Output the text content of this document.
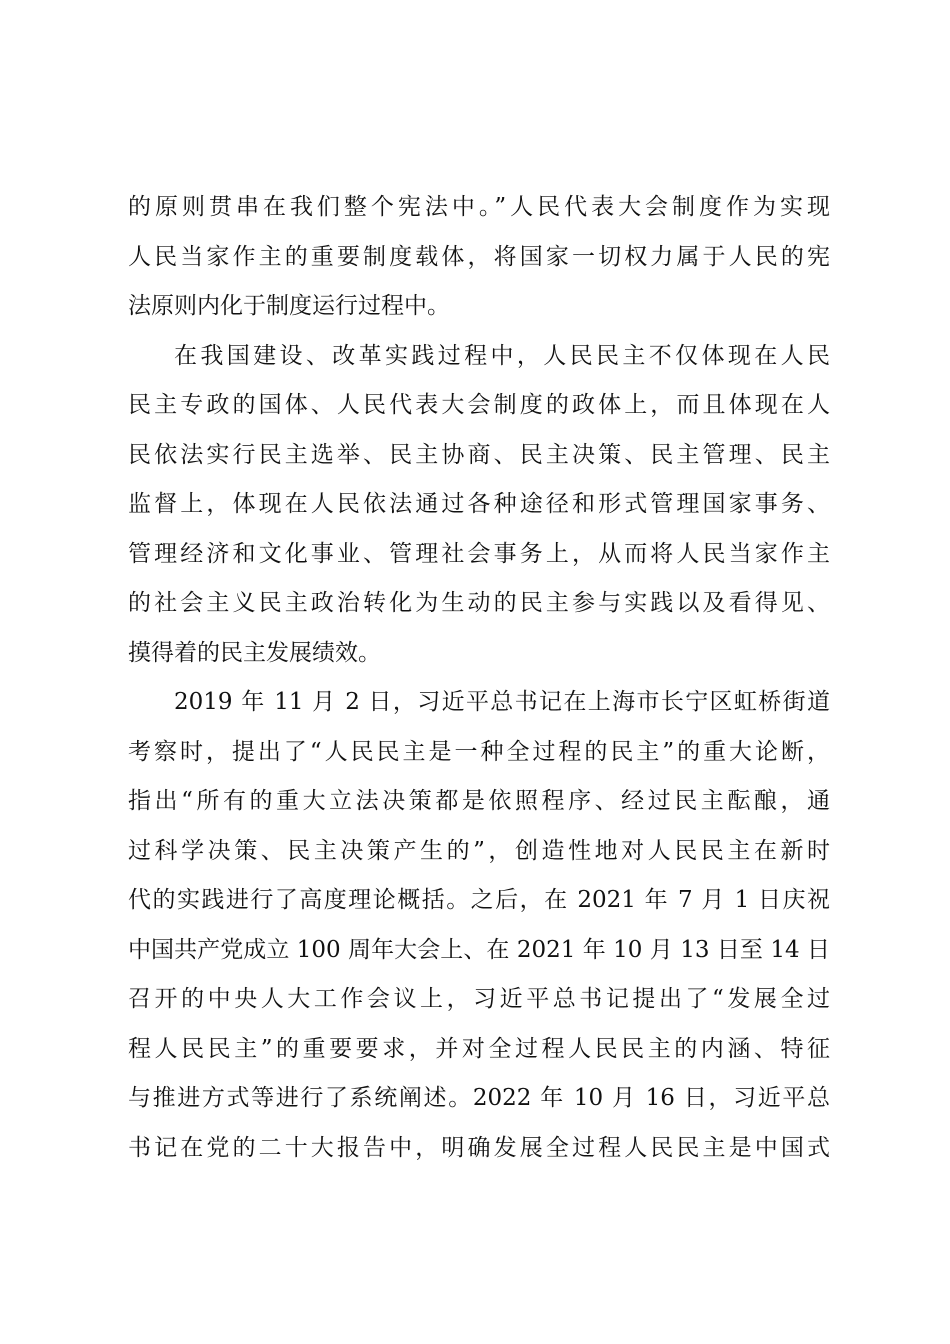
的原则贯串在我们整个宪法中。”人民代表大会制度作为实现
人民当家作主的重要制度载体，将国家一切权力属于人民的宪
法原则内化于制度运行过程中。
在我国建设、改革实践过程中，人民民主不仅体现在人民
民主专政的国体、人民代表大会制度的政体上，而且体现在人
民依法实行民主选举、民主协商、民主决策、民主管理、民主
监督上，体现在人民依法通过各种途径和形式管理国家事务、
管理经济和文化事业、管理社会事务上，从而将人民当家作主
的社会主义民主政治转化为生动的民主参与实践以及看得见、
摸得着的民主发展绩效。
2019 年 11 月 2 日，习近平总书记在上海市长宁区虹桥街道
考察时，提出了“人民民主是一种全过程的民主”的重大论断，
指出“所有的重大立法决策都是依照程序、经过民主酝酿，通
过科学决策、民主决策产生的”，创造性地对人民民主在新时
代的实践进行了高度理论概括。之后，在 2021 年 7 月 1 日庆祝
中国共产党成立 100 周年大会上、在 2021 年 10 月 13 日至 14 日
召开的中央人大工作会议上，习近平总书记提出了“发展全过
程人民民主”的重要要求，并对全过程人民民主的内涵、特征
与推进方式等进行了系统阐述。2022 年 10 月 16 日，习近平总
书记在党的二十大报告中，明确发展全过程人民民主是中国式
